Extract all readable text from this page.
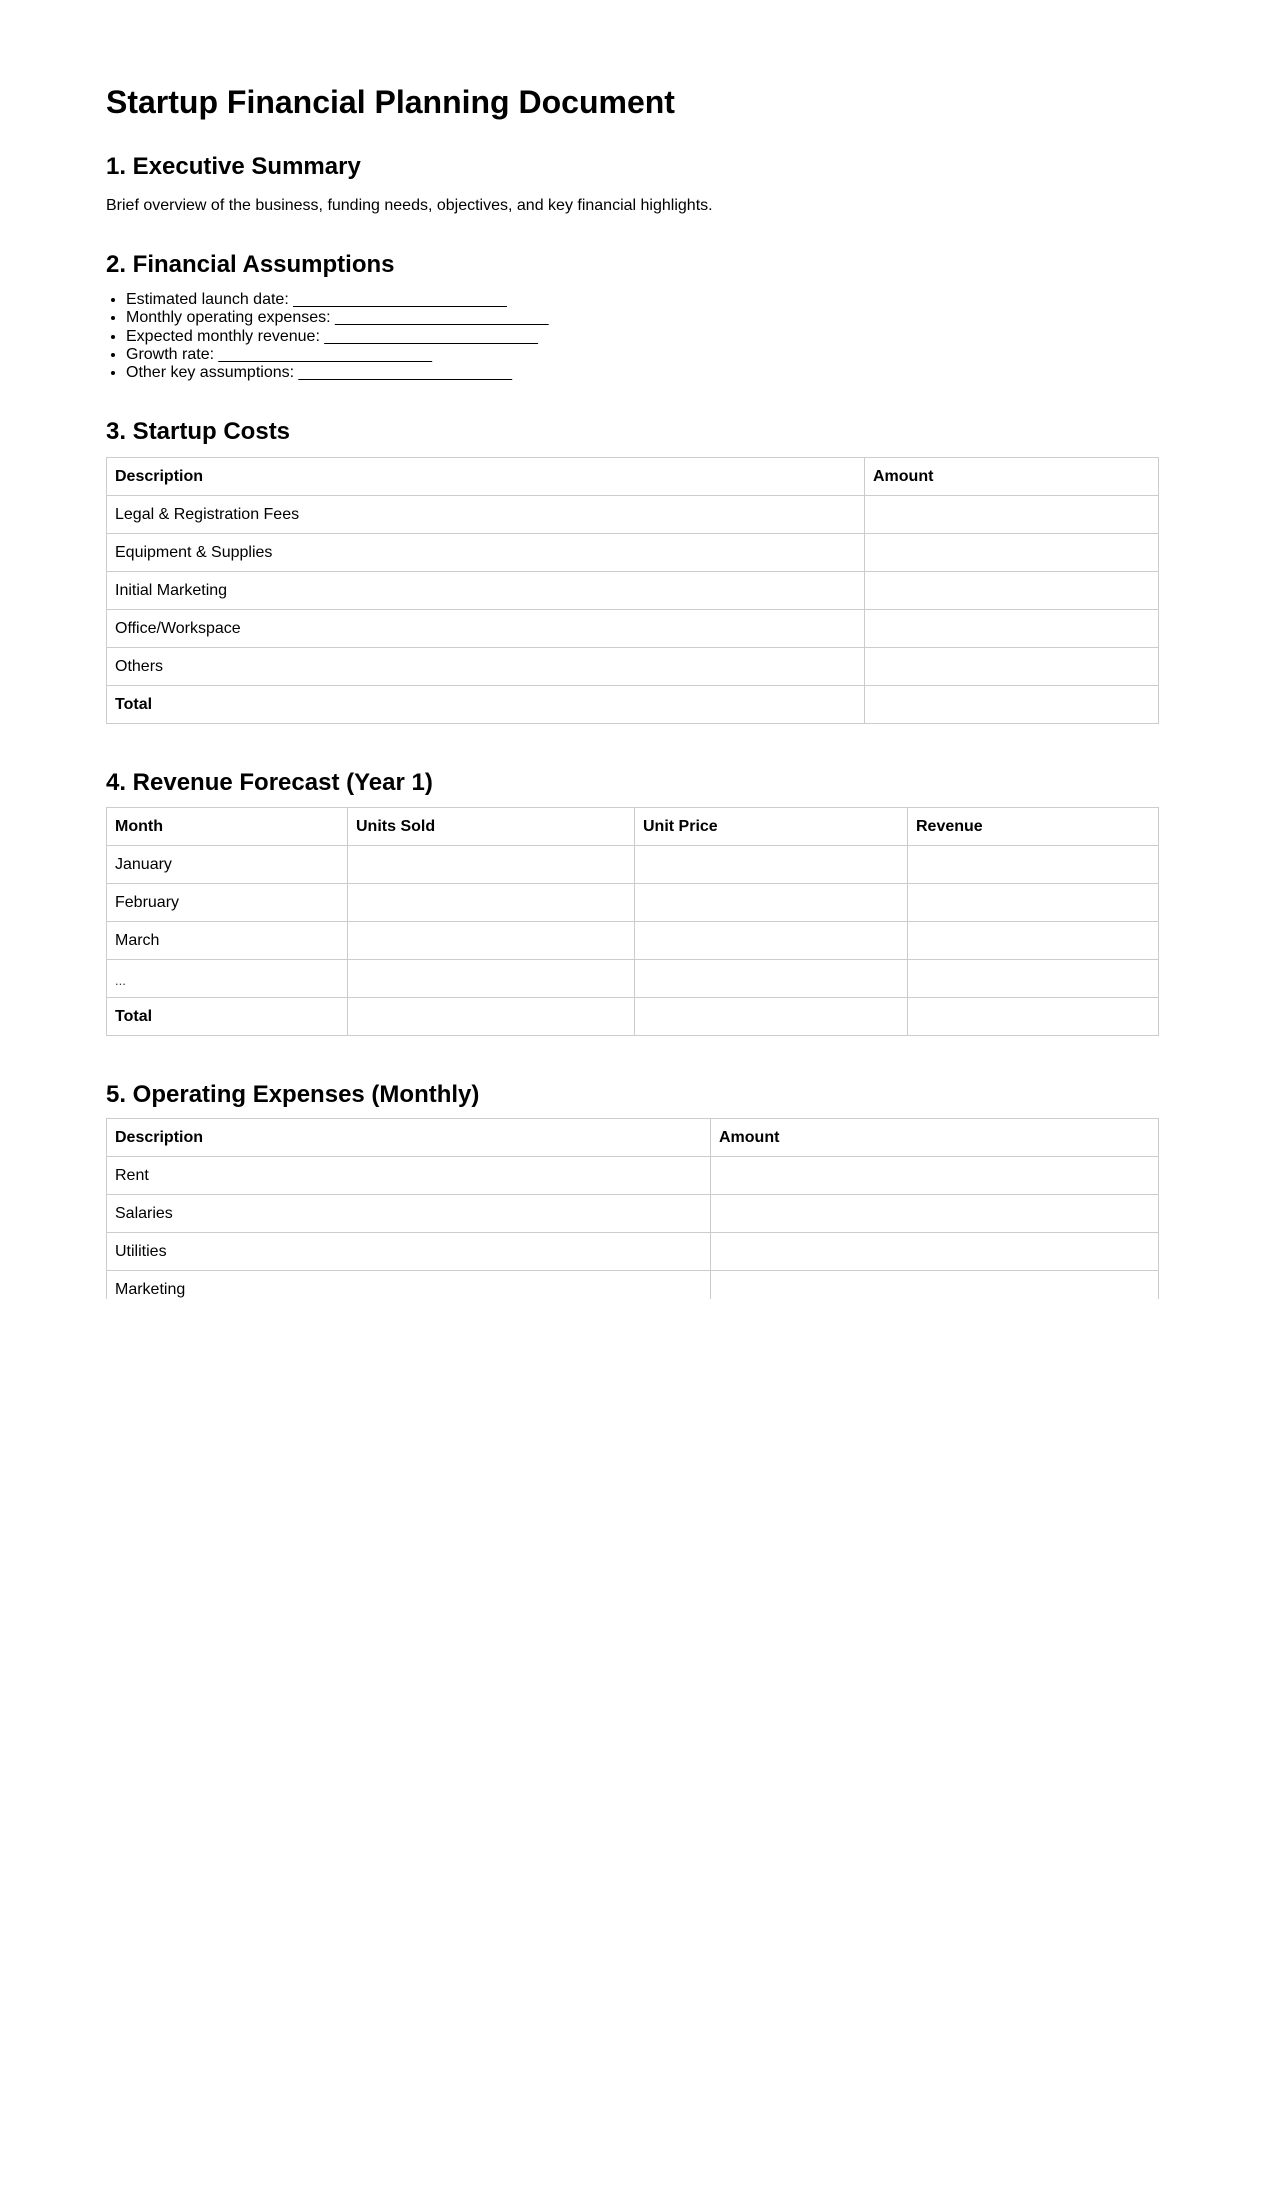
Startup Financial Planning Document
1. Executive Summary

Brief overview of the business, funding needs, objectives, and key financial highlights.

2. Financial Assumptions
• Estimated launch date: ________________________
• Monthly operating expenses: ________________________
• Expected monthly revenue: ________________________
• Growth rate: ________________________
• Other key assumptions: ________________________
3. Startup Costs
Description	Amount
Legal & Registration Fees	
Equipment & Supplies	
Initial Marketing	
Office/Workspace	
Others	
Total	
4. Revenue Forecast (Year 1)
Month	Units Sold	Unit Price	Revenue
January			
February			
March			
...			
Total			
5. Operating Expenses (Monthly)
Description	Amount
Rent	
Salaries	
Utilities	
Marketing	
